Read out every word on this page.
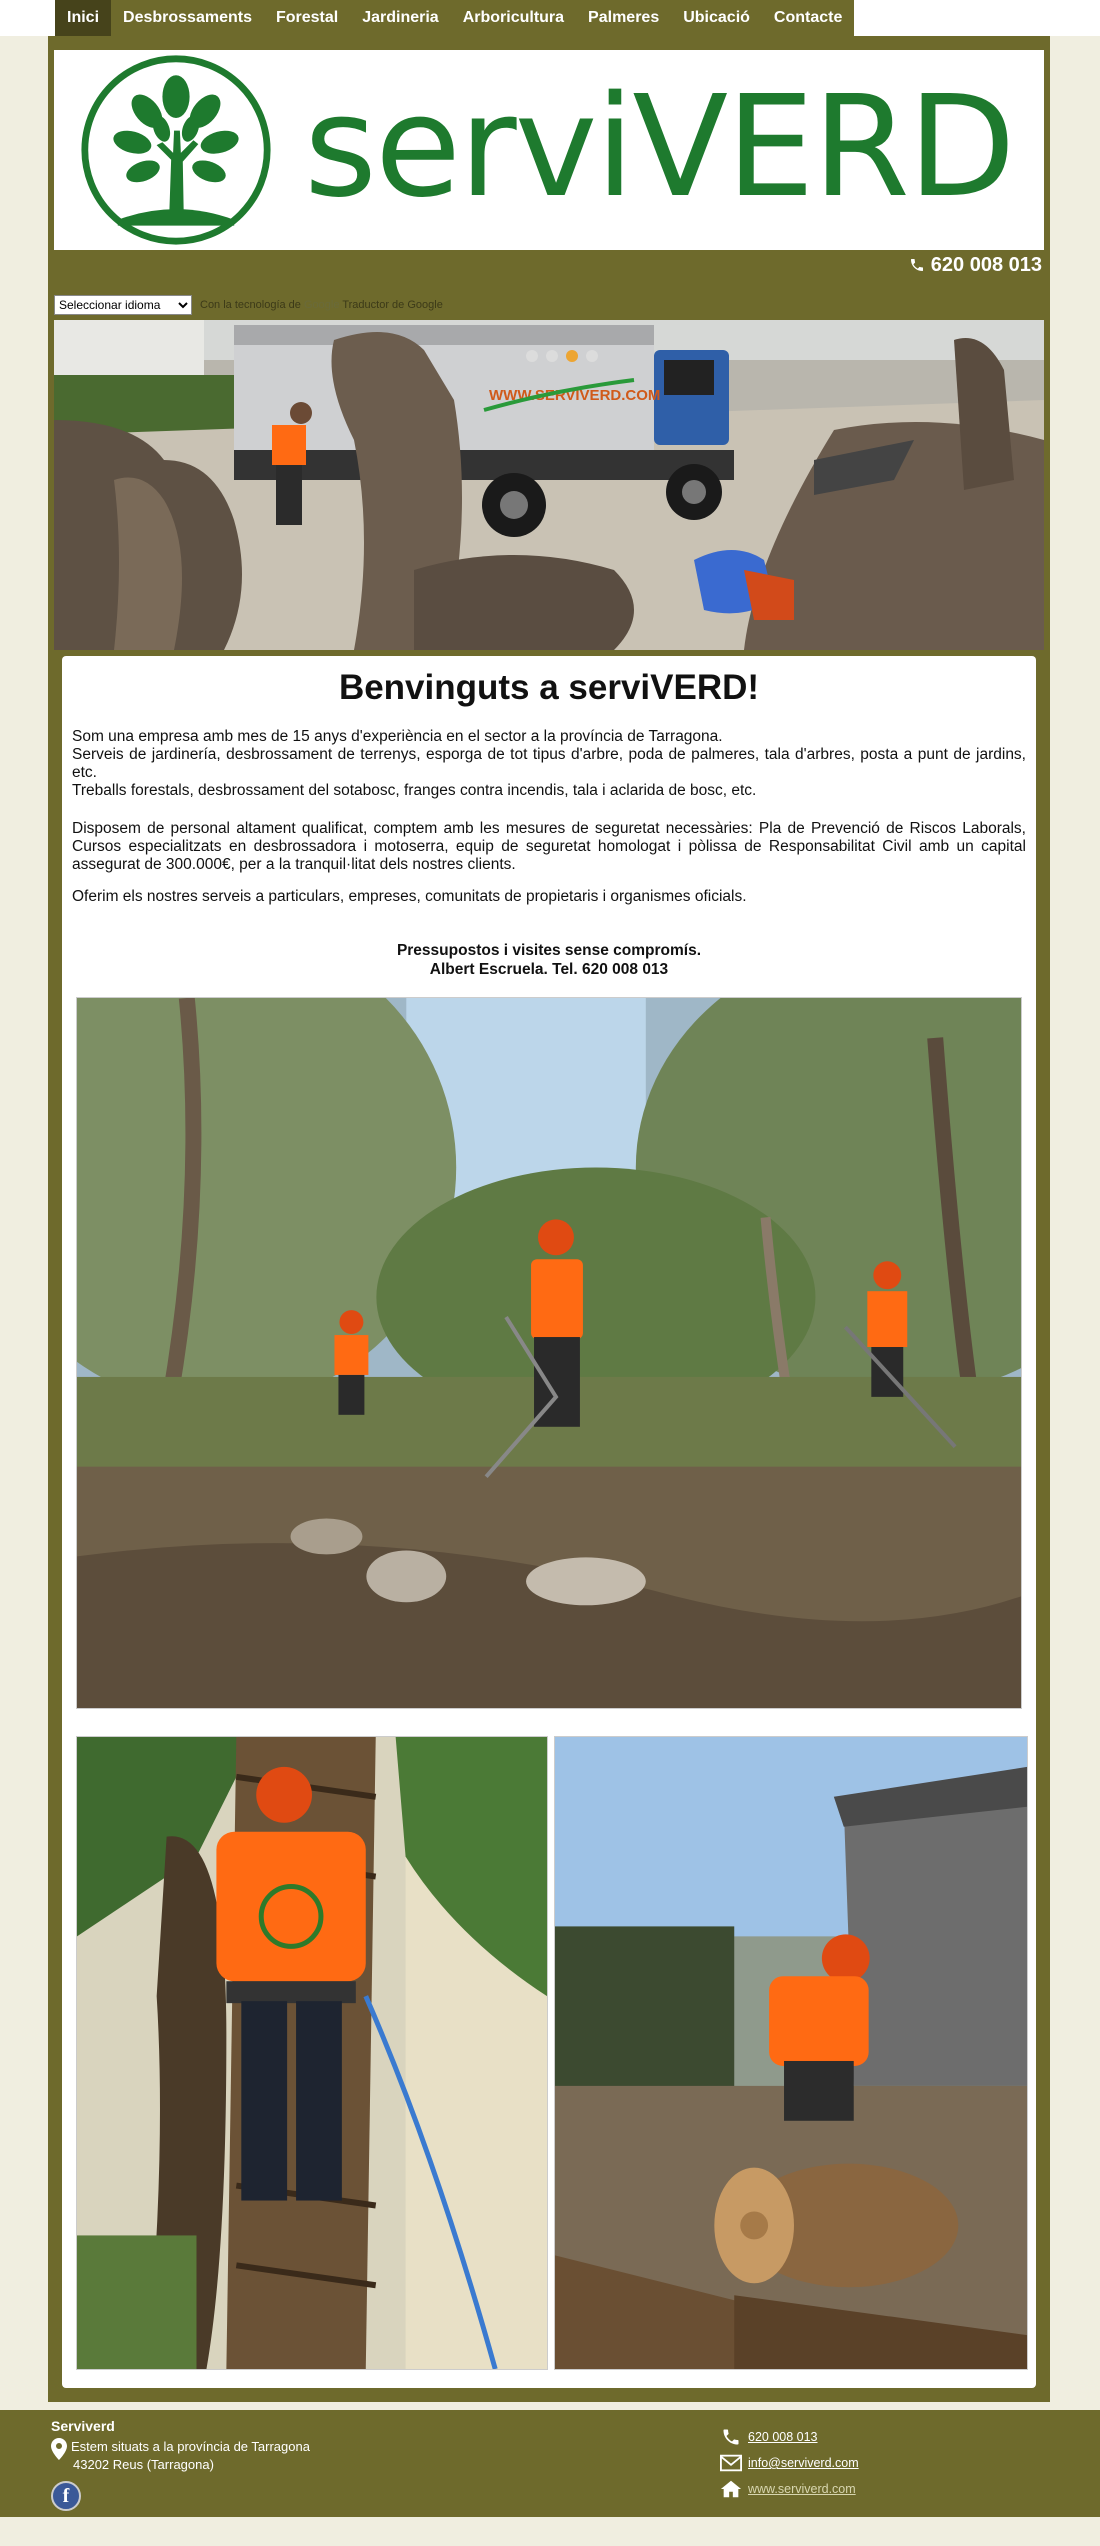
Inici	Desbrossaments	Forestal	Jardineria	Arboricultura	Palmeres	Ubicació	Contacte
serviVERD
620 008 013
Seleccionar idioma
Con la tecnología de Google Traductor de Google
WWW.SERVIVERD.COM
Benvinguts a serviVERD!
Som una empresa amb mes de 15 anys d'experiència en el sector a la província de Tarragona.
Serveis de jardinería, desbrossament de terrenys, esporga de tot tipus d'arbre, poda de palmeres, tala d'arbres, posta a punt de jardins, etc.
Treballs forestals, desbrossament del sotabosc, franges contra incendis, tala i aclarida de bosc, etc.
Disposem de personal altament qualificat, comptem amb les mesures de seguretat necessàries: Pla de Prevenció de Riscos Laborals, Cursos especialitzats en desbrossadora i motoserra, equip de seguretat homologat i pòlissa de Responsabilitat Civil amb un capital assegurat de 300.000€, per a la tranquil·litat dels nostres clients.
Oferim els nostres serveis a particulars, empreses, comunitats de propietaris i organismes oficials.
Pressupostos i visites sense compromís.
Albert Escruela. Tel. 620 008 013
Serviverd
Estem situats a la província de Tarragona
43202 Reus (Tarragona)
f
620 008 013
info@serviverd.com
www.serviverd.com
